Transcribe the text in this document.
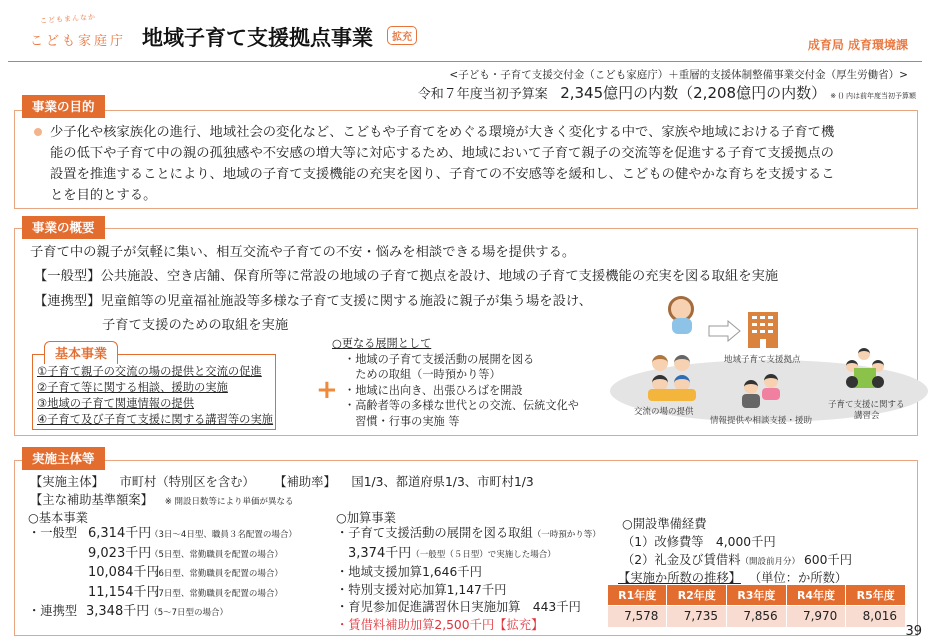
こどもまんなか
こども家庭庁 地域子育て支援拠点事業	拡充
成育局 成育環境課
<子ども・子育て支援交付金（こども家庭庁）＋重層的支援体制整備事業交付金（厚生労働省）>
令和７年度当初予算案 2,345億円の内数（2,208億円の内数） ※ () 内は前年度当初予算額
事業の目的
少子化や核家族化の進行、地域社会の変化など、こどもや子育てをめぐる環境が大きく変化する中で、家族や地域における子育て機
能の低下や子育て中の親の孤独感や不安感の増大等に対応するため、地域において子育て親子の交流等を促進する子育て支援拠点の
設置を推進することにより、地域の子育て支援機能の充実を図り、子育ての不安感等を緩和し、こどもの健やかな育ちを支援するこ
とを目的とする。
事業の概要
子育て中の親子が気軽に集い、相互交流や子育ての不安・悩みを相談できる場を提供する。
【一般型】公共施設、空き店舗、保育所等に常設の地域の子育て拠点を設け、地域の子育て支援機能の充実を図る取組を実施
【連携型】児童館等の児童福祉施設等多様な子育て支援に関する施設に親子が集う場を設け、
子育て支援のための取組を実施
①子育て親子の交流の場の提供と交流の促進
②子育て等に関する相談、援助の実施
③地域の子育て関連情報の提供
④子育て及び子育て支援に関する講習等の実施
基本事業
+
○更なる展開として
・地域の子育て支援活動の展開を図る
　ための取組（一時預かり等）
・地域に出向き、出張ひろばを開設
・高齢者等の多様な世代との交流、伝統文化や
　習慣・行事の実施 等
地域子育て支援拠点
交流の場の提供
情報提供や相談支援・援助
子育て支援に関する
講習会
実施主体等
【実施主体】 市町村（特別区を含む） 【補助率】 国1/3、都道府県1/3、市町村1/3
【主な補助基準額案】 ※ 開設日数等により単価が異なる
○基本事業
・一般型 6,314千円（3日～4日型、職員３名配置の場合）
9,023千円（5日型、常勤職員を配置の場合）
10,084千円（6日型、常勤職員を配置の場合）
11,154千円（7日型、常勤職員を配置の場合）
・連携型 3,348千円（5～7日型の場合）
○加算事業
・子育て支援活動の展開を図る取組（一時預かり等）
3,374千円（一般型（５日型）で実施した場合）
・地域支援加算1,646千円
・特別支援対応加算1,147千円
・育児参加促進講習休日実施加算　443千円
・賃借料補助加算2,500千円【拡充】
○開設準備経費
（1）改修費等　4,000千円
（2）礼金及び賃借料（開設前月分） 600千円
【実施か所数の推移】 （単位：か所数）
R1年度	R2年度	R3年度	R4年度	R5年度
7,578	7,735	7,856	7,970	8,016
39
